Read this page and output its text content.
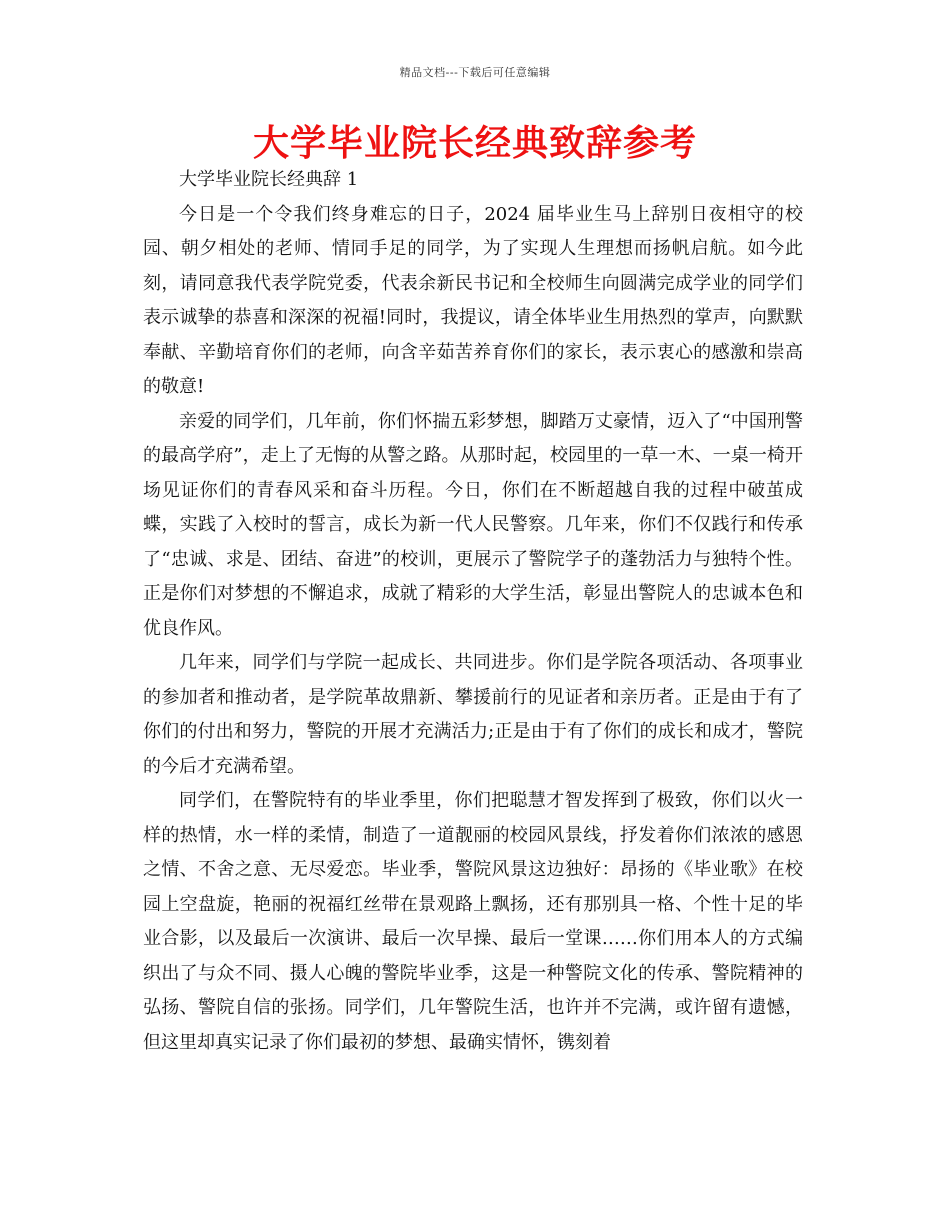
精品文档---下载后可任意编辑
大学毕业院长经典致辞参考

大学毕业院长经典辞 1

今日是一个令我们终身难忘的日子，2024 届毕业生马上辞别日夜相守的校园、朝夕相处的老师、情同手足的同学，为了实现人生理想而扬帆启航。如今此刻，请同意我代表学院党委，代表余新民书记和全校师生向圆满完成学业的同学们表示诚挚的恭喜和深深的祝福!同时，我提议，请全体毕业生用热烈的掌声，向默默奉献、辛勤培育你们的老师，向含辛茹苦养育你们的家长，表示衷心的感激和崇高的敬意!

亲爱的同学们，几年前，你们怀揣五彩梦想，脚踏万丈豪情，迈入了“中国刑警的最高学府”，走上了无悔的从警之路。从那时起，校园里的一草一木、一桌一椅开场见证你们的青春风采和奋斗历程。今日，你们在不断超越自我的过程中破茧成蝶，实践了入校时的誓言，成长为新一代人民警察。几年来，你们不仅践行和传承了“忠诚、求是、团结、奋进”的校训，更展示了警院学子的蓬勃活力与独特个性。正是你们对梦想的不懈追求，成就了精彩的大学生活，彰显出警院人的忠诚本色和优良作风。

几年来，同学们与学院一起成长、共同进步。你们是学院各项活动、各项事业的参加者和推动者，是学院革故鼎新、攀援前行的见证者和亲历者。正是由于有了你们的付出和努力，警院的开展才充满活力;正是由于有了你们的成长和成才，警院的今后才充满希望。

同学们，在警院特有的毕业季里，你们把聪慧才智发挥到了极致，你们以火一样的热情，水一样的柔情，制造了一道靓丽的校园风景线，抒发着你们浓浓的感恩之情、不舍之意、无尽爱恋。毕业季，警院风景这边独好：昂扬的《毕业歌》在校园上空盘旋，艳丽的祝福红丝带在景观路上飘扬，还有那别具一格、个性十足的毕业合影，以及最后一次演讲、最后一次早操、最后一堂课……你们用本人的方式编织出了与众不同、摄人心魄的警院毕业季，这是一种警院文化的传承、警院精神的弘扬、警院自信的张扬。同学们，几年警院生活，也许并不完满，或许留有遗憾，但这里却真实记录了你们最初的梦想、最确实情怀，镌刻着
